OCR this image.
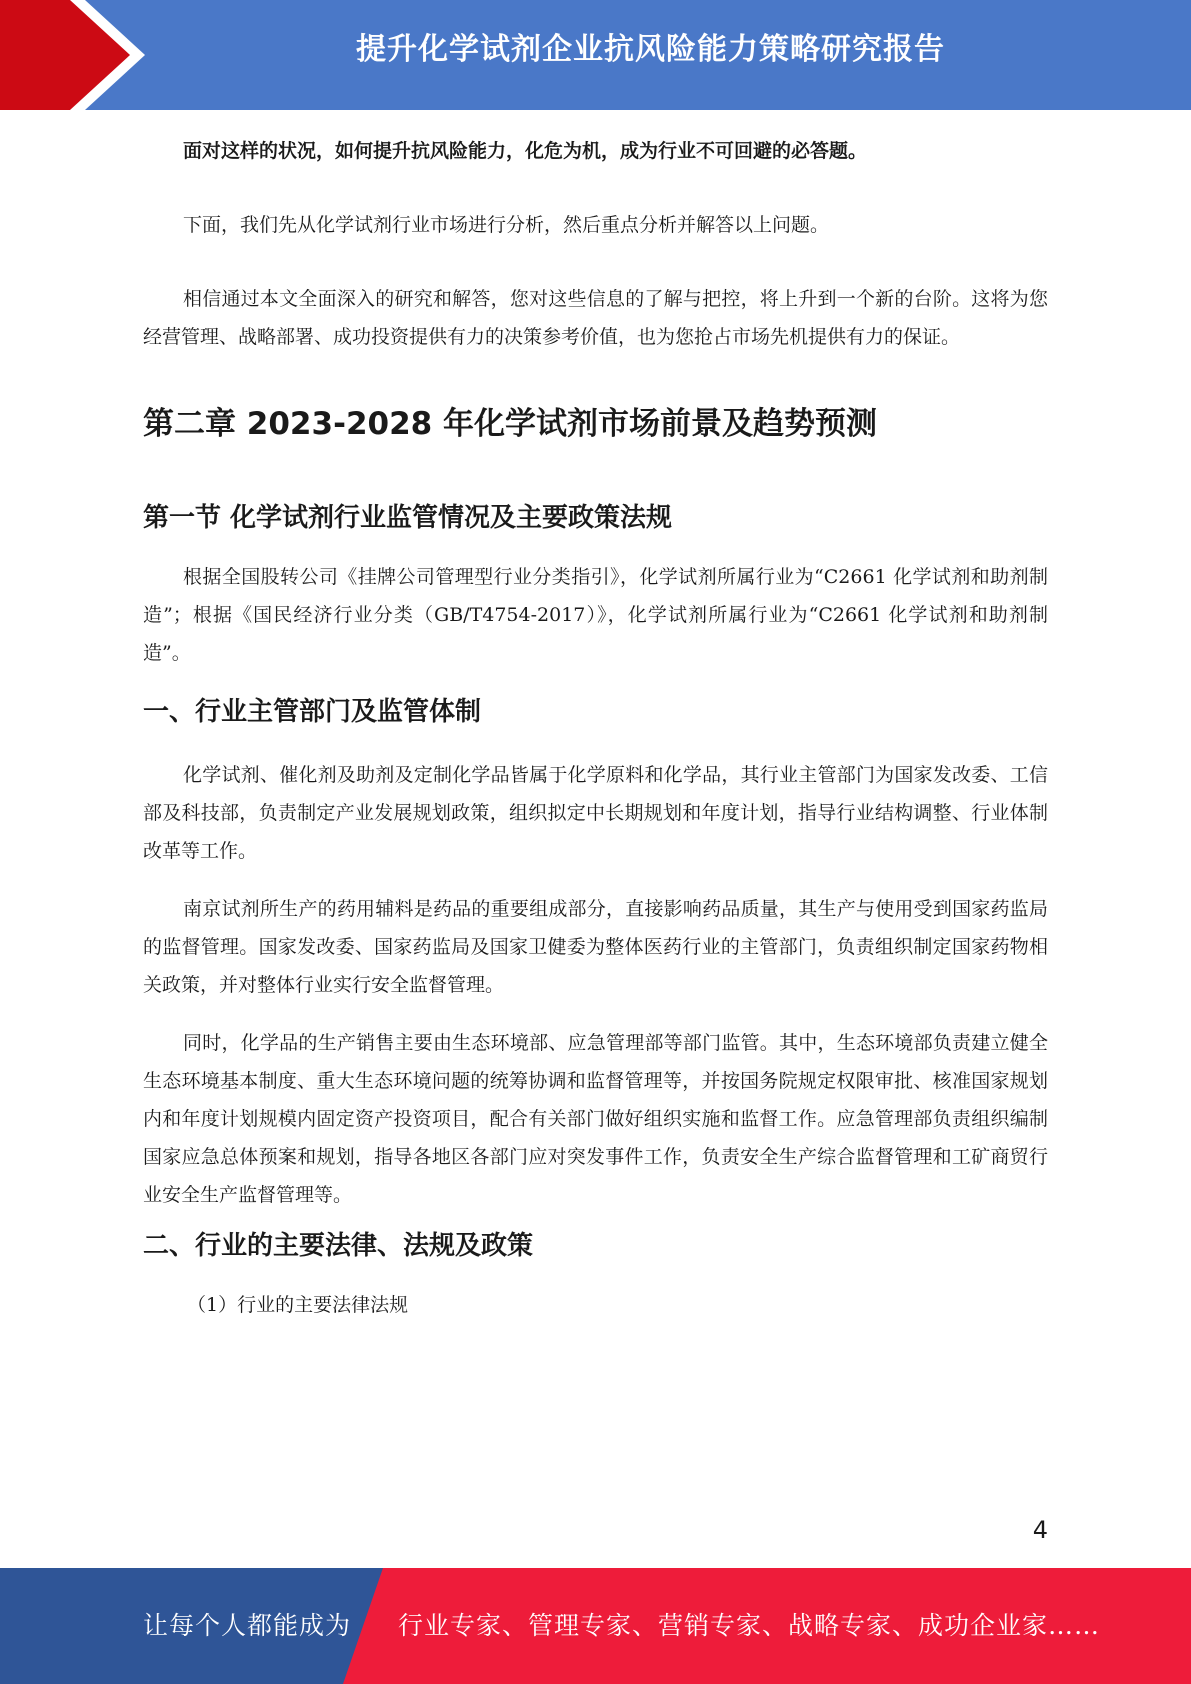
提升化学试剂企业抗风险能力策略研究报告

面对这样的状况，如何提升抗风险能力，化危为机，成为行业不可回避的必答题。

下面，我们先从化学试剂行业市场进行分析，然后重点分析并解答以上问题。

相信通过本文全面深入的研究和解答，您对这些信息的了解与把控，将上升到一个新的台阶。这将为您经营管理、战略部署、成功投资提供有力的决策参考价值，也为您抢占市场先机提供有力的保证。

第二章 2023-2028 年化学试剂市场前景及趋势预测
第一节 化学试剂行业监管情况及主要政策法规

根据全国股转公司《挂牌公司管理型行业分类指引》，化学试剂所属行业为“C2661 化学试剂和助剂制造”；根据《国民经济行业分类（GB/T4754-2017）》，化学试剂所属行业为“C2661 化学试剂和助剂制造”。

一、行业主管部门及监管体制

化学试剂、催化剂及助剂及定制化学品皆属于化学原料和化学品，其行业主管部门为国家发改委、工信部及科技部，负责制定产业发展规划政策，组织拟定中长期规划和年度计划，指导行业结构调整、行业体制改革等工作。

南京试剂所生产的药用辅料是药品的重要组成部分，直接影响药品质量，其生产与使用受到国家药监局的监督管理。国家发改委、国家药监局及国家卫健委为整体医药行业的主管部门，负责组织制定国家药物相关政策，并对整体行业实行安全监督管理。

同时，化学品的生产销售主要由生态环境部、应急管理部等部门监管。其中，生态环境部负责建立健全生态环境基本制度、重大生态环境问题的统筹协调和监督管理等，并按国务院规定权限审批、核准国家规划内和年度计划规模内固定资产投资项目，配合有关部门做好组织实施和监督工作。应急管理部负责组织编制国家应急总体预案和规划，指导各地区各部门应对突发事件工作，负责安全生产综合监督管理和工矿商贸行业安全生产监督管理等。

二、行业的主要法律、法规及政策

（1）行业的主要法律法规

4
让每个人都能成为 行业专家、管理专家、营销专家、战略专家、成功企业家……
